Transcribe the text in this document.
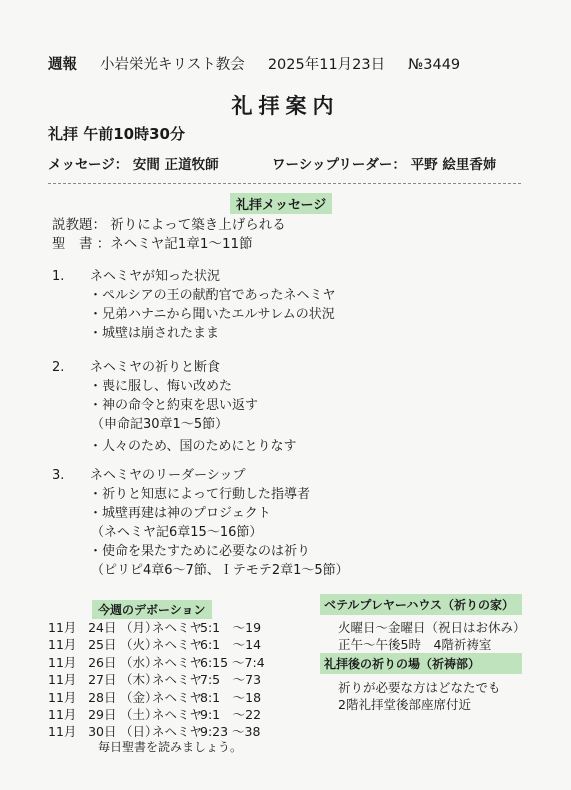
週報 小岩栄光キリスト教会 2025年11月23日 №3449
礼拝案内
礼拝 午前10時30分
メッセージ： 安間 正道牧師	ワーシップリーダー： 平野 絵里香姉
礼拝メッセージ
説教題： 祈りによって築き上げられる
聖　書 ：ネヘミヤ記1章1～11節
1. ネヘミヤが知った状況
・ペルシアの王の献酌官であったネヘミヤ
・兄弟ハナニから聞いたエルサレムの状況
・城壁は崩されたまま
2. ネヘミヤの祈りと断食
・喪に服し、悔い改めた
・神の命令と約束を思い返す
（申命記30章1～5節）
・人々のため、国のためにとりなす
3. ネヘミヤのリーダーシップ
・祈りと知恵によって行動した指導者
・城壁再建は神のプロジェクト
（ネヘミヤ記6章15～16節）
・使命を果たすために必要なのは祈り
（ピリピ4章6～7節、Ｉテモテ2章1～5節）
今週のデボーション
11月 24日 （月）ネヘミヤ5:1　～19
11月 25日 （火）ネヘミヤ6:1　～14
11月 26日 （水）ネヘミヤ6:15 ～7:4
11月 27日 （木）ネヘミヤ7:5　～73
11月 28日 （金）ネヘミヤ8:1　～18
11月 29日 （土）ネヘミヤ9:1　～22
11月 30日 （日）ネヘミヤ9:23 ～38
毎日聖書を読みましょう。
ベテルプレヤーハウス（祈りの家）
火曜日～金曜日（祝日はお休み）
正午～午後5時　4階祈祷室
礼拝後の祈りの場（祈祷部）
祈りが必要な方はどなたでも
2階礼拝堂後部座席付近
